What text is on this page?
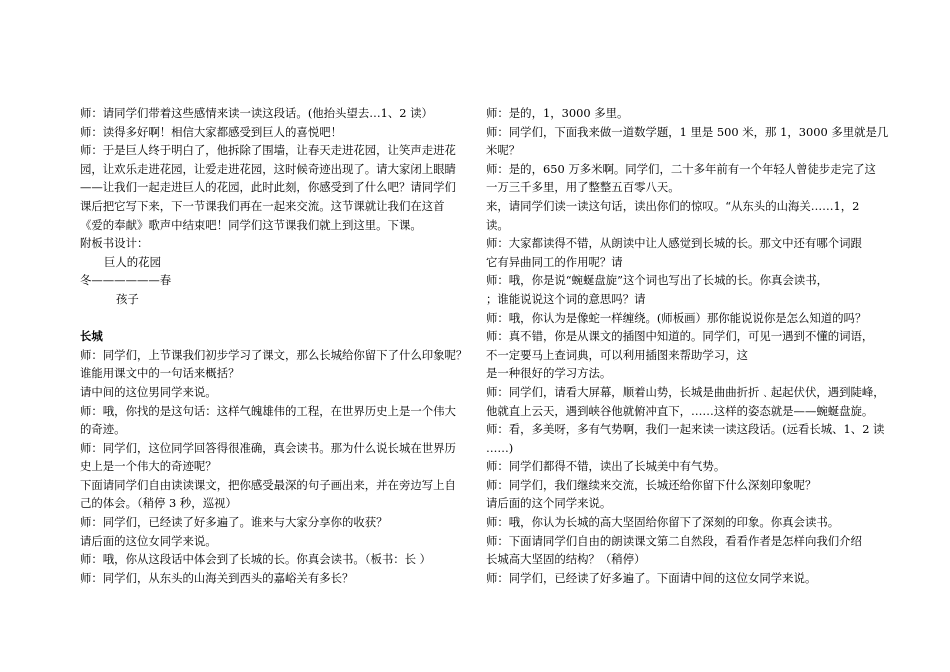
师：请同学们带着这些感情来读一读这段话。(他抬头望去…1、2 读）
师：读得多好啊！相信大家都感受到巨人的喜悦吧！
师：于是巨人终于明白了，他拆除了围墙，让春天走进花园，让笑声走进花
园，让欢乐走进花园，让爱走进花园，这时候奇迹出现了。请大家闭上眼睛
——让我们一起走进巨人的花园，此时此刻，你感受到了什么吧？请同学们
课后把它写下来，下一节课我们再在一起来交流。这节课就让我们在这首
《爱的奉献》歌声中结束吧！同学们这节课我们就上到这里。下课。
附板书设计：
巨人的花园
冬——————春
孩子
长城
师：同学们，上节课我们初步学习了课文，那么长城给你留下了什么印象呢？
谁能用课文中的一句话来概括？
请中间的这位男同学来说。
师：哦，你找的是这句话：这样气魄雄伟的工程，在世界历史上是一个伟大
的奇迹。
师：同学们，这位同学回答得很准确，真会读书。那为什么说长城在世界历
史上是一个伟大的奇迹呢？
下面请同学们自由读读课文，把你感受最深的句子画出来，并在旁边写上自
己的体会。（稍停 3 秒，巡视）
师：同学们，已经读了好多遍了。谁来与大家分享你的收获？
请后面的这位女同学来说。
师：哦，你从这段话中体会到了长城的长。你真会读书。（板书：长 ）
师：同学们，从东头的山海关到西头的嘉峪关有多长？
师：是的，1，3000 多里。
师：同学们，下面我来做一道数学题，1 里是 500 米，那 1，3000 多里就是几
米呢？
师：是的，650 万多米啊。同学们，二十多年前有一个年轻人曾徒步走完了这
一万三千多里，用了整整五百零八天。
来，请同学们读一读这句话，读出你们的惊叹。“从东头的山海关……1，2
读。
师：大家都读得不错，从朗读中让人感觉到长城的长。那文中还有哪个词跟
它有异曲同工的作用呢？请
师：哦，你是说“蜿蜒盘旋”这个词也写出了长城的长。你真会读书，
；谁能说说这个词的意思吗？请
师：哦，你认为是像蛇一样缠绕。(师板画）那你能说说你是怎么知道的吗？
师：真不错，你是从课文的插图中知道的。同学们，可见一遇到不懂的词语，
不一定要马上查词典，可以利用插图来帮助学习，这
是一种很好的学习方法。
师：同学们，请看大屏幕，顺着山势，长城是曲曲折折﹑起起伏伏，遇到陡峰，
他就直上云天，遇到峡谷他就俯冲直下，……这样的姿态就是——蜿蜒盘旋。
师：看，多美呀，多有气势啊，我们一起来读一读这段话。(远看长城、1、2 读
……)
师：同学们都得不错，读出了长城美中有气势。
师：同学们，我们继续来交流，长城还给你留下什么深刻印象呢？
请后面的这个同学来说。
师：哦，你认为长城的高大坚固给你留下了深刻的印象。你真会读书。
师：下面请同学们自由的朗读课文第二自然段，看看作者是怎样向我们介绍
长城高大坚固的结构？（稍停）
师：同学们，已经读了好多遍了。下面请中间的这位女同学来说。
